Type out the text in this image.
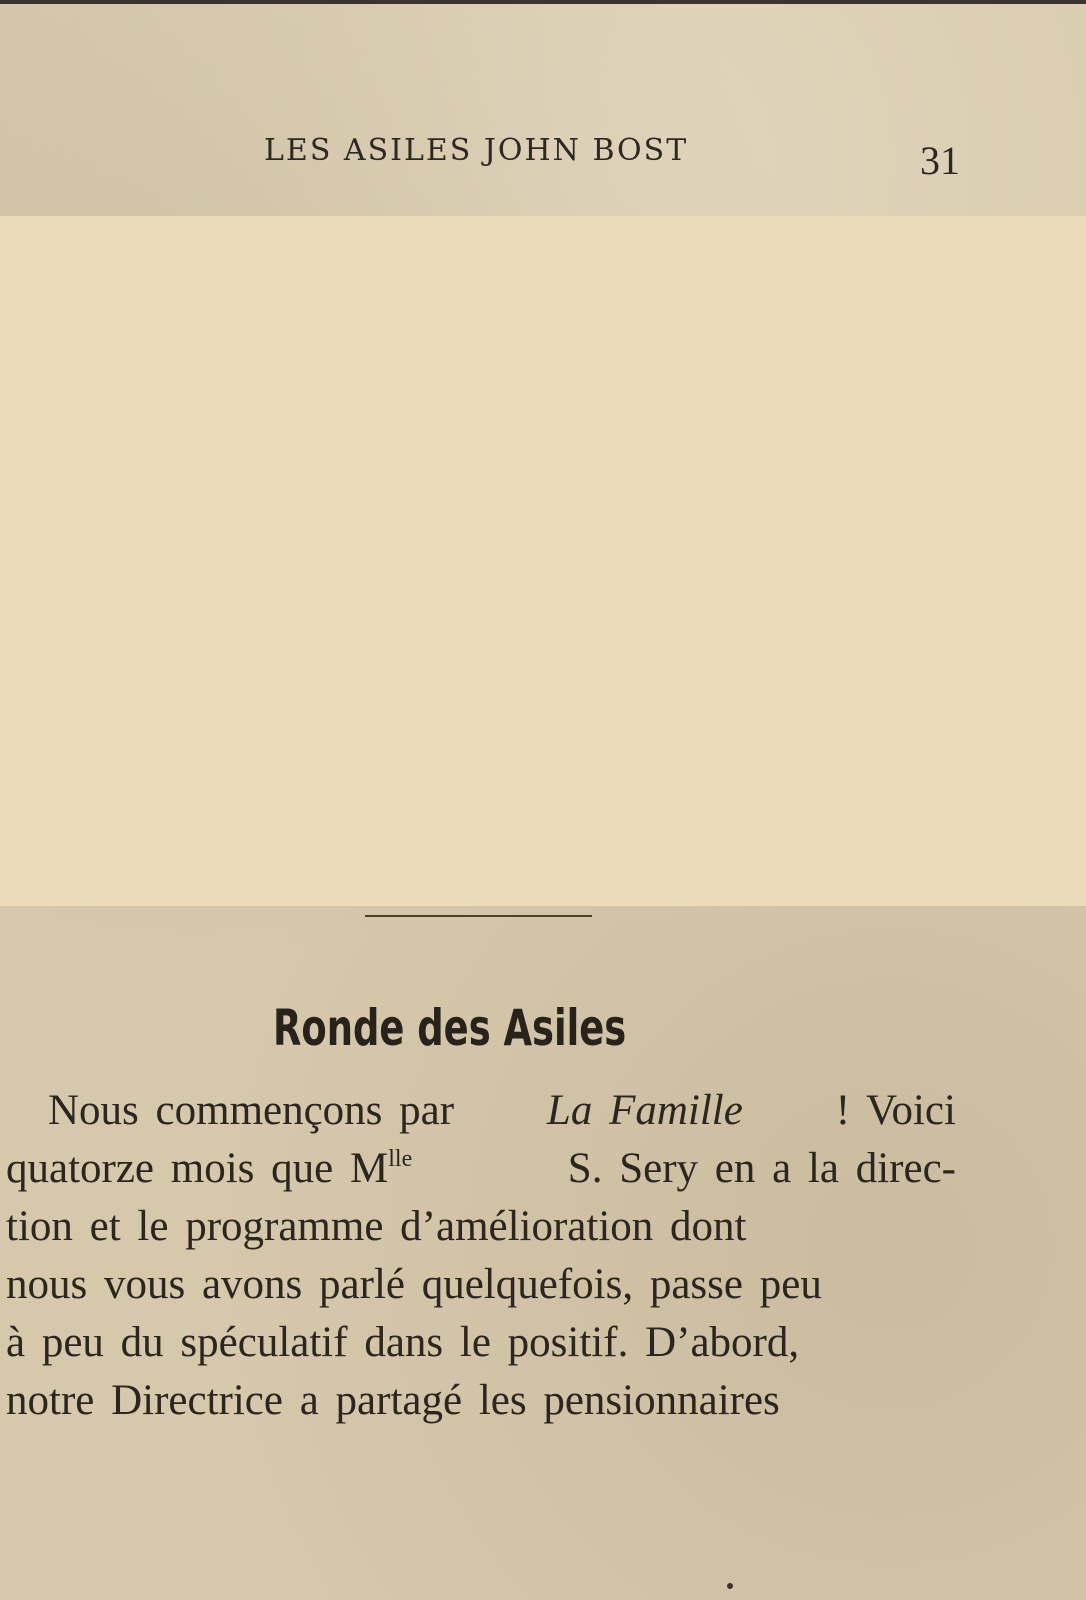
LES ASILES JOHN BOST	31
Ronde des Asiles
Nous commençons par La Famille ! Voici
quatorze mois que $M^{lle}$	S. Sery en a la direc-
tion et le programme d’amélioration dont
nous vous avons parlé quelquefois, passe peu
à peu du spéculatif dans le positif. D’abord,
notre Directrice a partagé les pensionnaires
